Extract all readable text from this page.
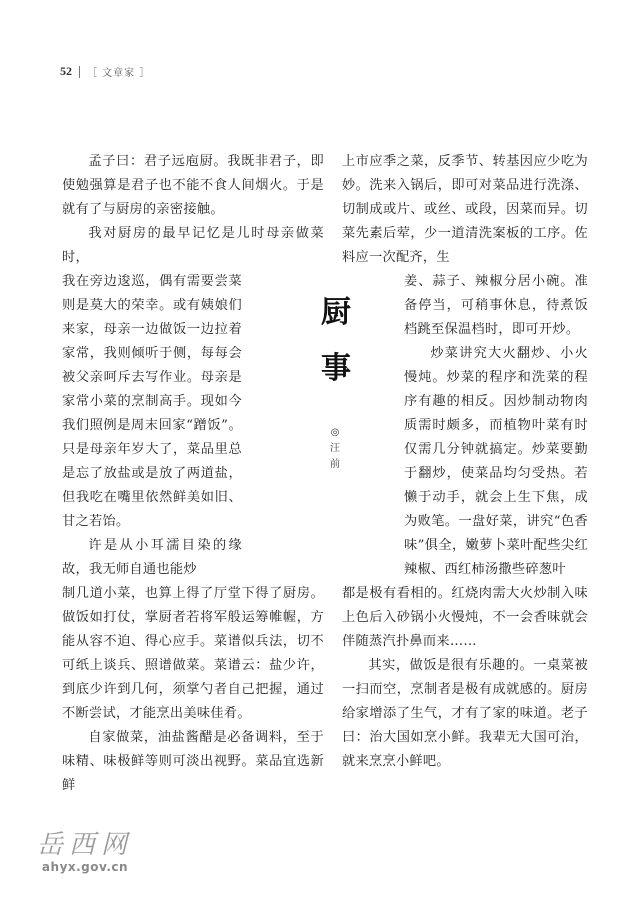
52 ［ 文章家 ］

孟子曰：君子远庖厨。我既非君子，即使勉强算是君子也不能不食人间烟火。于是就有了与厨房的亲密接触。

我对厨房的最早记忆是儿时母亲做菜时，

我在旁边逡巡，偶有需要尝菜则是莫大的荣幸。或有姨娘们来家，母亲一边做饭一边拉着家常，我则倾听于侧，每每会被父亲呵斥去写作业。母亲是家常小菜的烹制高手。现如今我们照例是周末回家“蹭饭”。只是母亲年岁大了，菜品里总是忘了放盐或是放了两道盐，但我吃在嘴里依然鲜美如旧、甘之若饴。

许是从小耳濡目染的缘故，我无师自通也能炒

制几道小菜，也算上得了厅堂下得了厨房。做饭如打仗，掌厨者若将军般运筹帷幄，方能从容不迫、得心应手。菜谱似兵法，切不可纸上谈兵、照谱做菜。菜谱云：盐少许，到底少许到几何，须掌勺者自己把握，通过不断尝试，才能烹出美味佳肴。

自家做菜，油盐酱醋是必备调料，至于味精、味极鲜等则可淡出视野。菜品宜选新鲜

厨
事
◎
汪
前

上市应季之菜，反季节、转基因应少吃为妙。洗来入锅后，即可对菜品进行洗涤、切制成或片、或丝、或段，因菜而异。切菜先素后荤，少一道清洗案板的工序。佐料应一次配齐，生

姜、蒜子、辣椒分居小碗。准备停当，可稍事休息，待煮饭档跳至保温档时，即可开炒。

炒菜讲究大火翻炒、小火慢炖。炒菜的程序和洗菜的程序有趣的相反。因炒制动物肉质需时颇多，而植物叶菜有时仅需几分钟就搞定。炒菜要勤于翻炒，使菜品均匀受热。若懒于动手，就会上生下焦，成为败笔。一盘好菜，讲究“色香味”俱全，嫩萝卜菜叶配些尖红辣椒、西红柿汤撒些碎葱叶

都是极有看相的。红烧肉需大火炒制入味上色后入砂锅小火慢炖，不一会香味就会伴随蒸汽扑鼻而来……

其实，做饭是很有乐趣的。一桌菜被一扫而空，烹制者是极有成就感的。厨房给家增添了生气，才有了家的味道。老子曰：治大国如烹小鲜。我辈无大国可治，就来烹烹小鲜吧。

岳西网
ahyx.gov.cn
